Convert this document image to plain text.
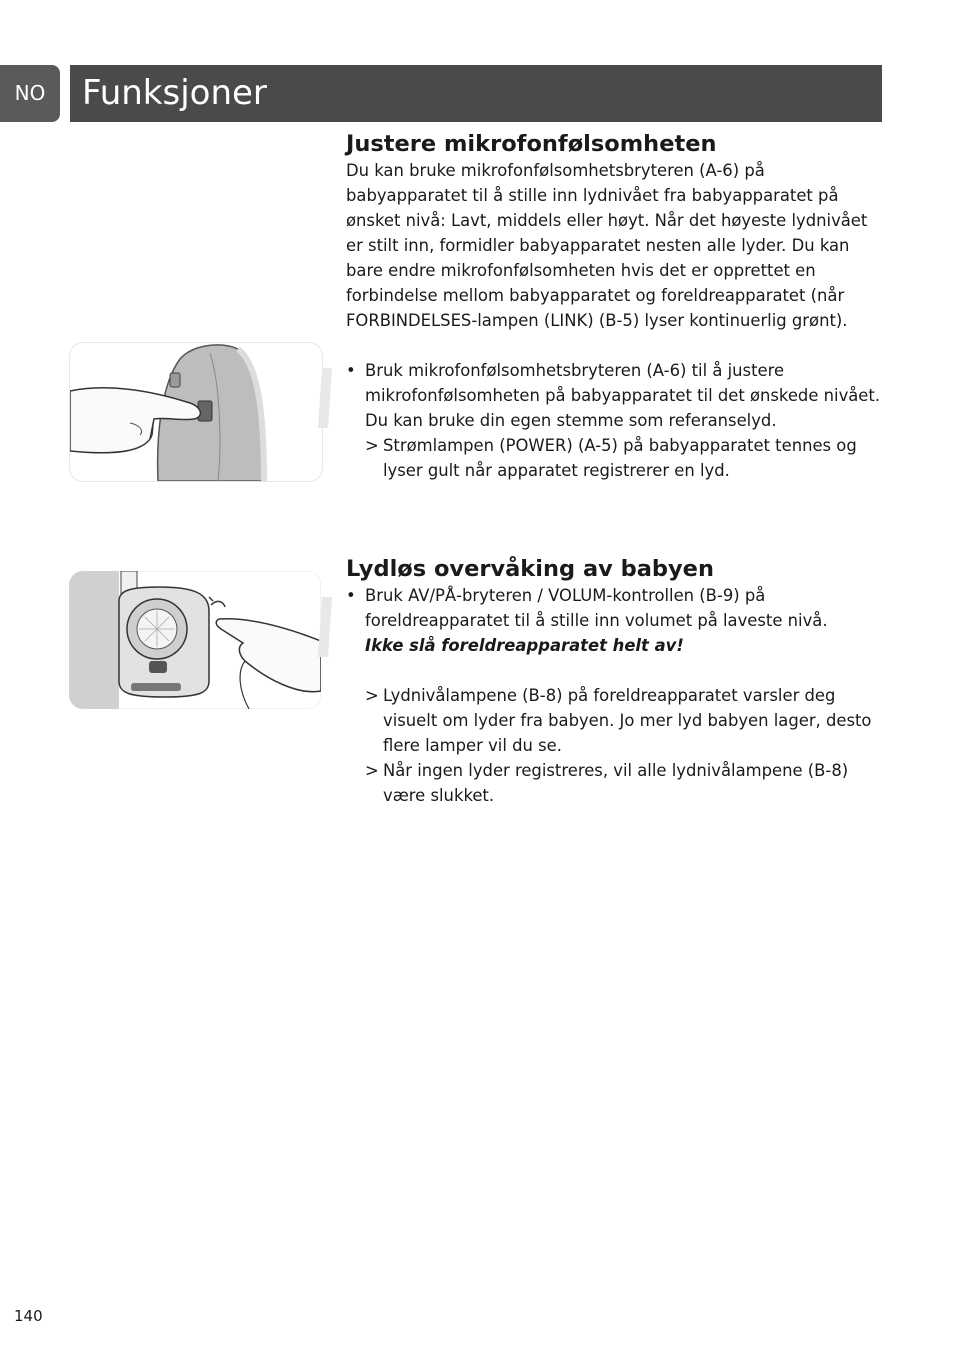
NO	Funksjoner
Justere mikrofonfølsomheten

Du kan bruke mikrofonfølsomhetsbryteren (A-6) på babyapparatet til å stille inn lydnivået fra babyapparatet på ønsket nivå: Lavt, middels eller høyt. Når det høyeste lydnivået er stilt inn, formidler babyapparatet nesten alle lyder. Du kan bare endre mikrofonfølsomheten hvis det er opprettet en forbindelse mellom babyapparatet og foreldreapparatet (når FORBINDELSES-lampen (LINK) (B-5) lyser kontinuerlig grønt).

• Bruk mikrofonfølsomhetsbryteren (A-6) til å justere mikrofonfølsomheten på babyapparatet til det ønskede nivået. Du kan bruke din egen stemme som referanselyd.

> Strømlampen (POWER) (A-5) på babyapparatet tennes og lyser gult når apparatet registrerer en lyd.

Lydløs overvåking av babyen

• Bruk AV/PÅ-bryteren / VOLUM-kontrollen (B-9) på foreldreapparatet til å stille inn volumet på laveste nivå.

Ikke slå foreldreapparatet helt av!

> Lydnivålampene (B-8) på foreldreapparatet varsler deg visuelt om lyder fra babyen. Jo mer lyd babyen lager, desto flere lamper vil du se.

> Når ingen lyder registreres, vil alle lydnivålampene (B-8) være slukket.

140
